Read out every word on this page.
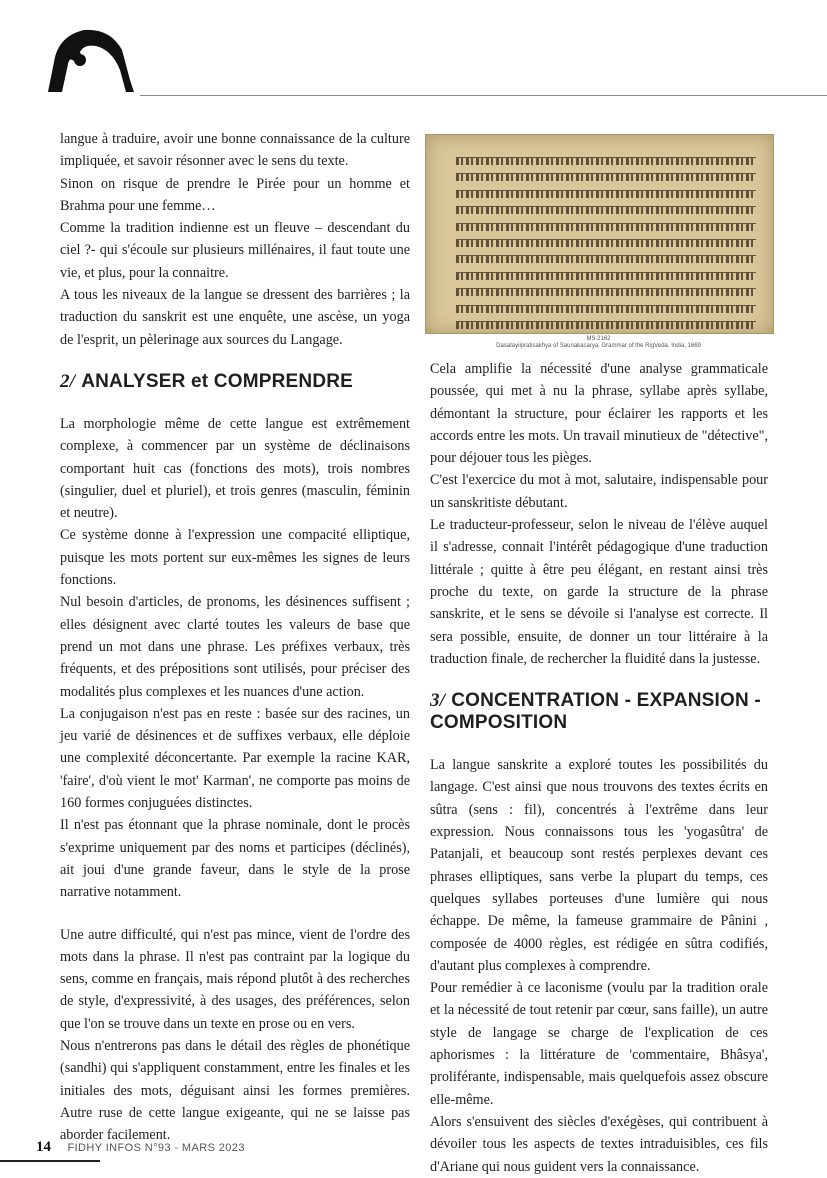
langue à traduire, avoir une bonne connaissance de la culture impliquée, et savoir résonner avec le sens du texte.

Sinon on risque de prendre le Pirée pour un homme et Brahma pour une femme…

Comme la tradition indienne est un fleuve – descendant du ciel ?- qui s'écoule sur plusieurs millénaires, il faut toute une vie, et plus, pour la connaitre.

A tous les niveaux de la langue se dressent des barrières ; la traduction du sanskrit est une enquête, une ascèse, un yoga de l'esprit, un pèlerinage aux sources du Langage.

2/ ANALYSER et COMPRENDRE

La morphologie même de cette langue est extrêmement complexe, à commencer par un système de déclinaisons comportant huit cas (fonctions des mots), trois nombres (singulier, duel et pluriel), et trois genres (masculin, féminin et neutre).

Ce système donne à l'expression une compacité elliptique, puisque les mots portent sur eux-mêmes les signes de leurs fonctions.

Nul besoin d'articles, de pronoms, les désinences suffisent ; elles désignent avec clarté toutes les valeurs de base que prend un mot dans une phrase. Les préfixes verbaux, très fréquents, et des prépositions sont utilisés, pour préciser des modalités plus complexes et les nuances d'une action.

La conjugaison n'est pas en reste : basée sur des racines, un jeu varié de désinences et de suffixes verbaux, elle déploie une complexité déconcertante. Par exemple la racine KAR, 'faire', d'où vient le mot' Karman', ne comporte pas moins de 160 formes conjuguées distinctes.

Il n'est pas étonnant que la phrase nominale, dont le procès s'exprime uniquement par des noms et participes (déclinés), ait joui d'une grande faveur, dans le style de la prose narrative notamment.

Une autre difficulté, qui n'est pas mince, vient de l'ordre des mots dans la phrase. Il n'est pas contraint par la logique du sens, comme en français, mais répond plutôt à des recherches de style, d'expressivité, à des usages, des préférences, selon que l'on se trouve dans un texte en prose ou en vers.

Nous n'entrerons pas dans le détail des règles de phonétique (sandhi) qui s'appliquent constamment, entre les finales et les initiales des mots, déguisant ainsi les formes premières. Autre ruse de cette langue exigeante, qui ne se laisse pas aborder facilement.

MS 2162
Dasatayiipratisakhya of Saunakacarya, Grammar of the RigVeda. India, 1669

Cela amplifie la nécessité d'une analyse grammaticale poussée, qui met à nu la phrase, syllabe après syllabe, démontant la structure, pour éclairer les rapports et les accords entre les mots. Un travail minutieux de "détective", pour déjouer tous les pièges.

C'est l'exercice du mot à mot, salutaire, indispensable pour un sanskritiste débutant.

Le traducteur-professeur, selon le niveau de l'élève auquel il s'adresse, connait l'intérêt pédagogique d'une traduction littérale ; quitte à être peu élégant, en restant ainsi très proche du texte, on garde la structure de la phrase sanskrite, et le sens se dévoile si l'analyse est correcte. Il sera possible, ensuite, de donner un tour littéraire à la traduction finale, de rechercher la fluidité dans la justesse.

3/ CONCENTRATION - EXPANSION - COMPOSITION

La langue sanskrite a exploré toutes les possibilités du langage. C'est ainsi que nous trouvons des textes écrits en sûtra (sens : fil), concentrés à l'extrême dans leur expression. Nous connaissons tous les 'yogasûtra' de Patanjali, et beaucoup sont restés perplexes devant ces phrases elliptiques, sans verbe la plupart du temps, ces quelques syllabes porteuses d'une lumière qui nous échappe. De même, la fameuse grammaire de Pânini , composée de 4000 règles, est rédigée en sûtra codifiés, d'autant plus complexes à comprendre.

Pour remédier à ce laconisme (voulu par la tradition orale et la nécessité de tout retenir par cœur, sans faille), un autre style de langage se charge de l'explication de ces aphorismes : la littérature de 'commentaire, Bhâsya', proliférante, indispensable, mais quelquefois assez obscure elle-même.

Alors s'ensuivent des siècles d'exégèses, qui contribuent à dévoiler tous les aspects de textes intraduisibles, ces fils d'Ariane qui nous guident vers la connaissance.

14 FIDHY INFOS N°93 - MARS 2023
